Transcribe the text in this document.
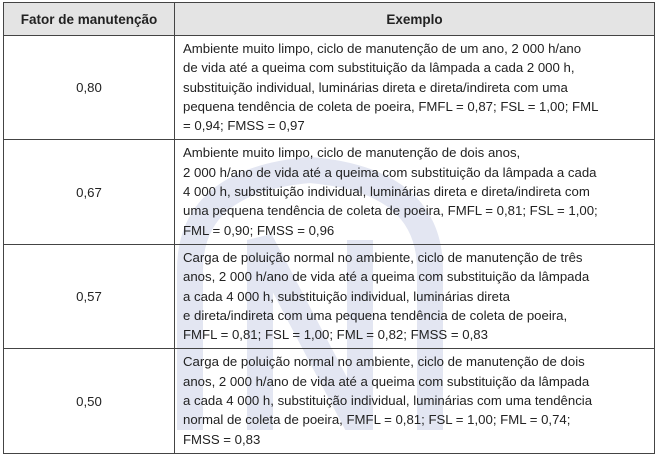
Fator de manutenção	Exemplo
0,80	Ambiente muito limpo, ciclo de manutenção de um ano, 2 000 h/ano
de vida até a queima com substituição da lâmpada a cada 2 000 h,
substituição individual, luminárias direta e direta/indireta com uma
pequena tendência de coleta de poeira, FMFL = 0,87; FSL = 1,00; FML
= 0,94; FMSS = 0,97

0,67	Ambiente muito limpo, ciclo de manutenção de dois anos,
2 000 h/ano de vida até a queima com substituição da lâmpada a cada
4 000 h, substituição individual, luminárias direta e direta/indireta com
uma pequena tendência de coleta de poeira, FMFL = 0,81; FSL = 1,00;
FML = 0,90; FMSS = 0,96

0,57	Carga de poluição normal no ambiente, ciclo de manutenção de três
anos, 2 000 h/ano de vida até a queima com substituição da lâmpada
a cada 4 000 h, substituição individual, luminárias direta
e direta/indireta com uma pequena tendência de coleta de poeira,
FMFL = 0,81; FSL = 1,00; FML = 0,82; FMSS = 0,83

0,50	Carga de poluição normal no ambiente, ciclo de manutenção de dois
anos, 2 000 h/ano de vida até a queima com substituição da lâmpada
a cada 4 000 h, substituição individual, luminárias com uma tendência
normal de coleta de poeira, FMFL = 0,81; FSL = 1,00; FML = 0,74;
FMSS = 0,83
